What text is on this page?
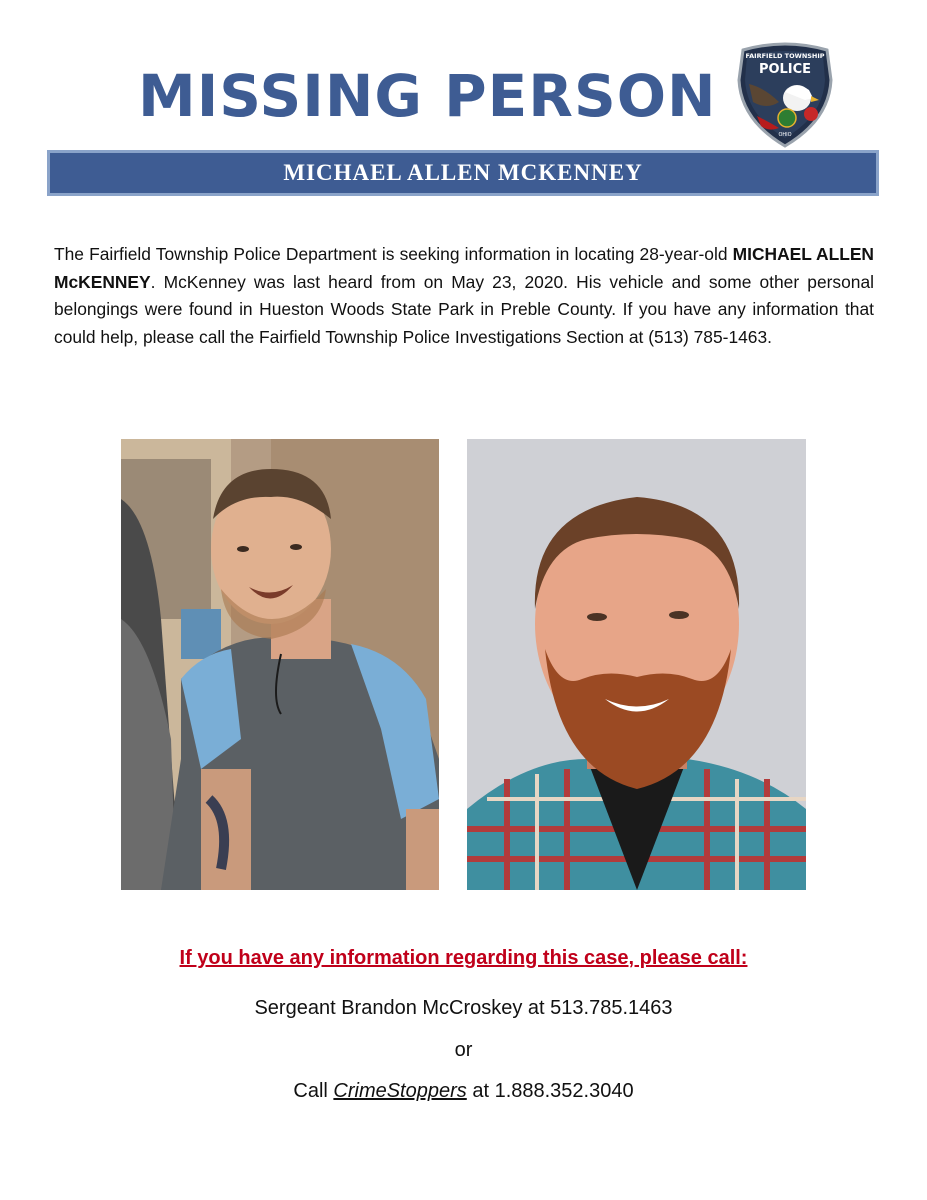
MISSING PERSON
FAIRFIELD TOWNSHIP
POLICE
OHIO
MICHAEL ALLEN MCKENNEY

The Fairfield Township Police Department is seeking information in locating 28-year-old MICHAEL ALLEN McKENNEY. McKenney was last heard from on May 23, 2020. His vehicle and some other personal belongings were found in Hueston Woods State Park in Preble County. If you have any information that could help, please call the Fairfield Township Police Investigations Section at (513) 785-1463.

If you have any information regarding this case, please call:

Sergeant Brandon McCroskey at 513.785.1463

or

Call CrimeStoppers at 1.888.352.3040
